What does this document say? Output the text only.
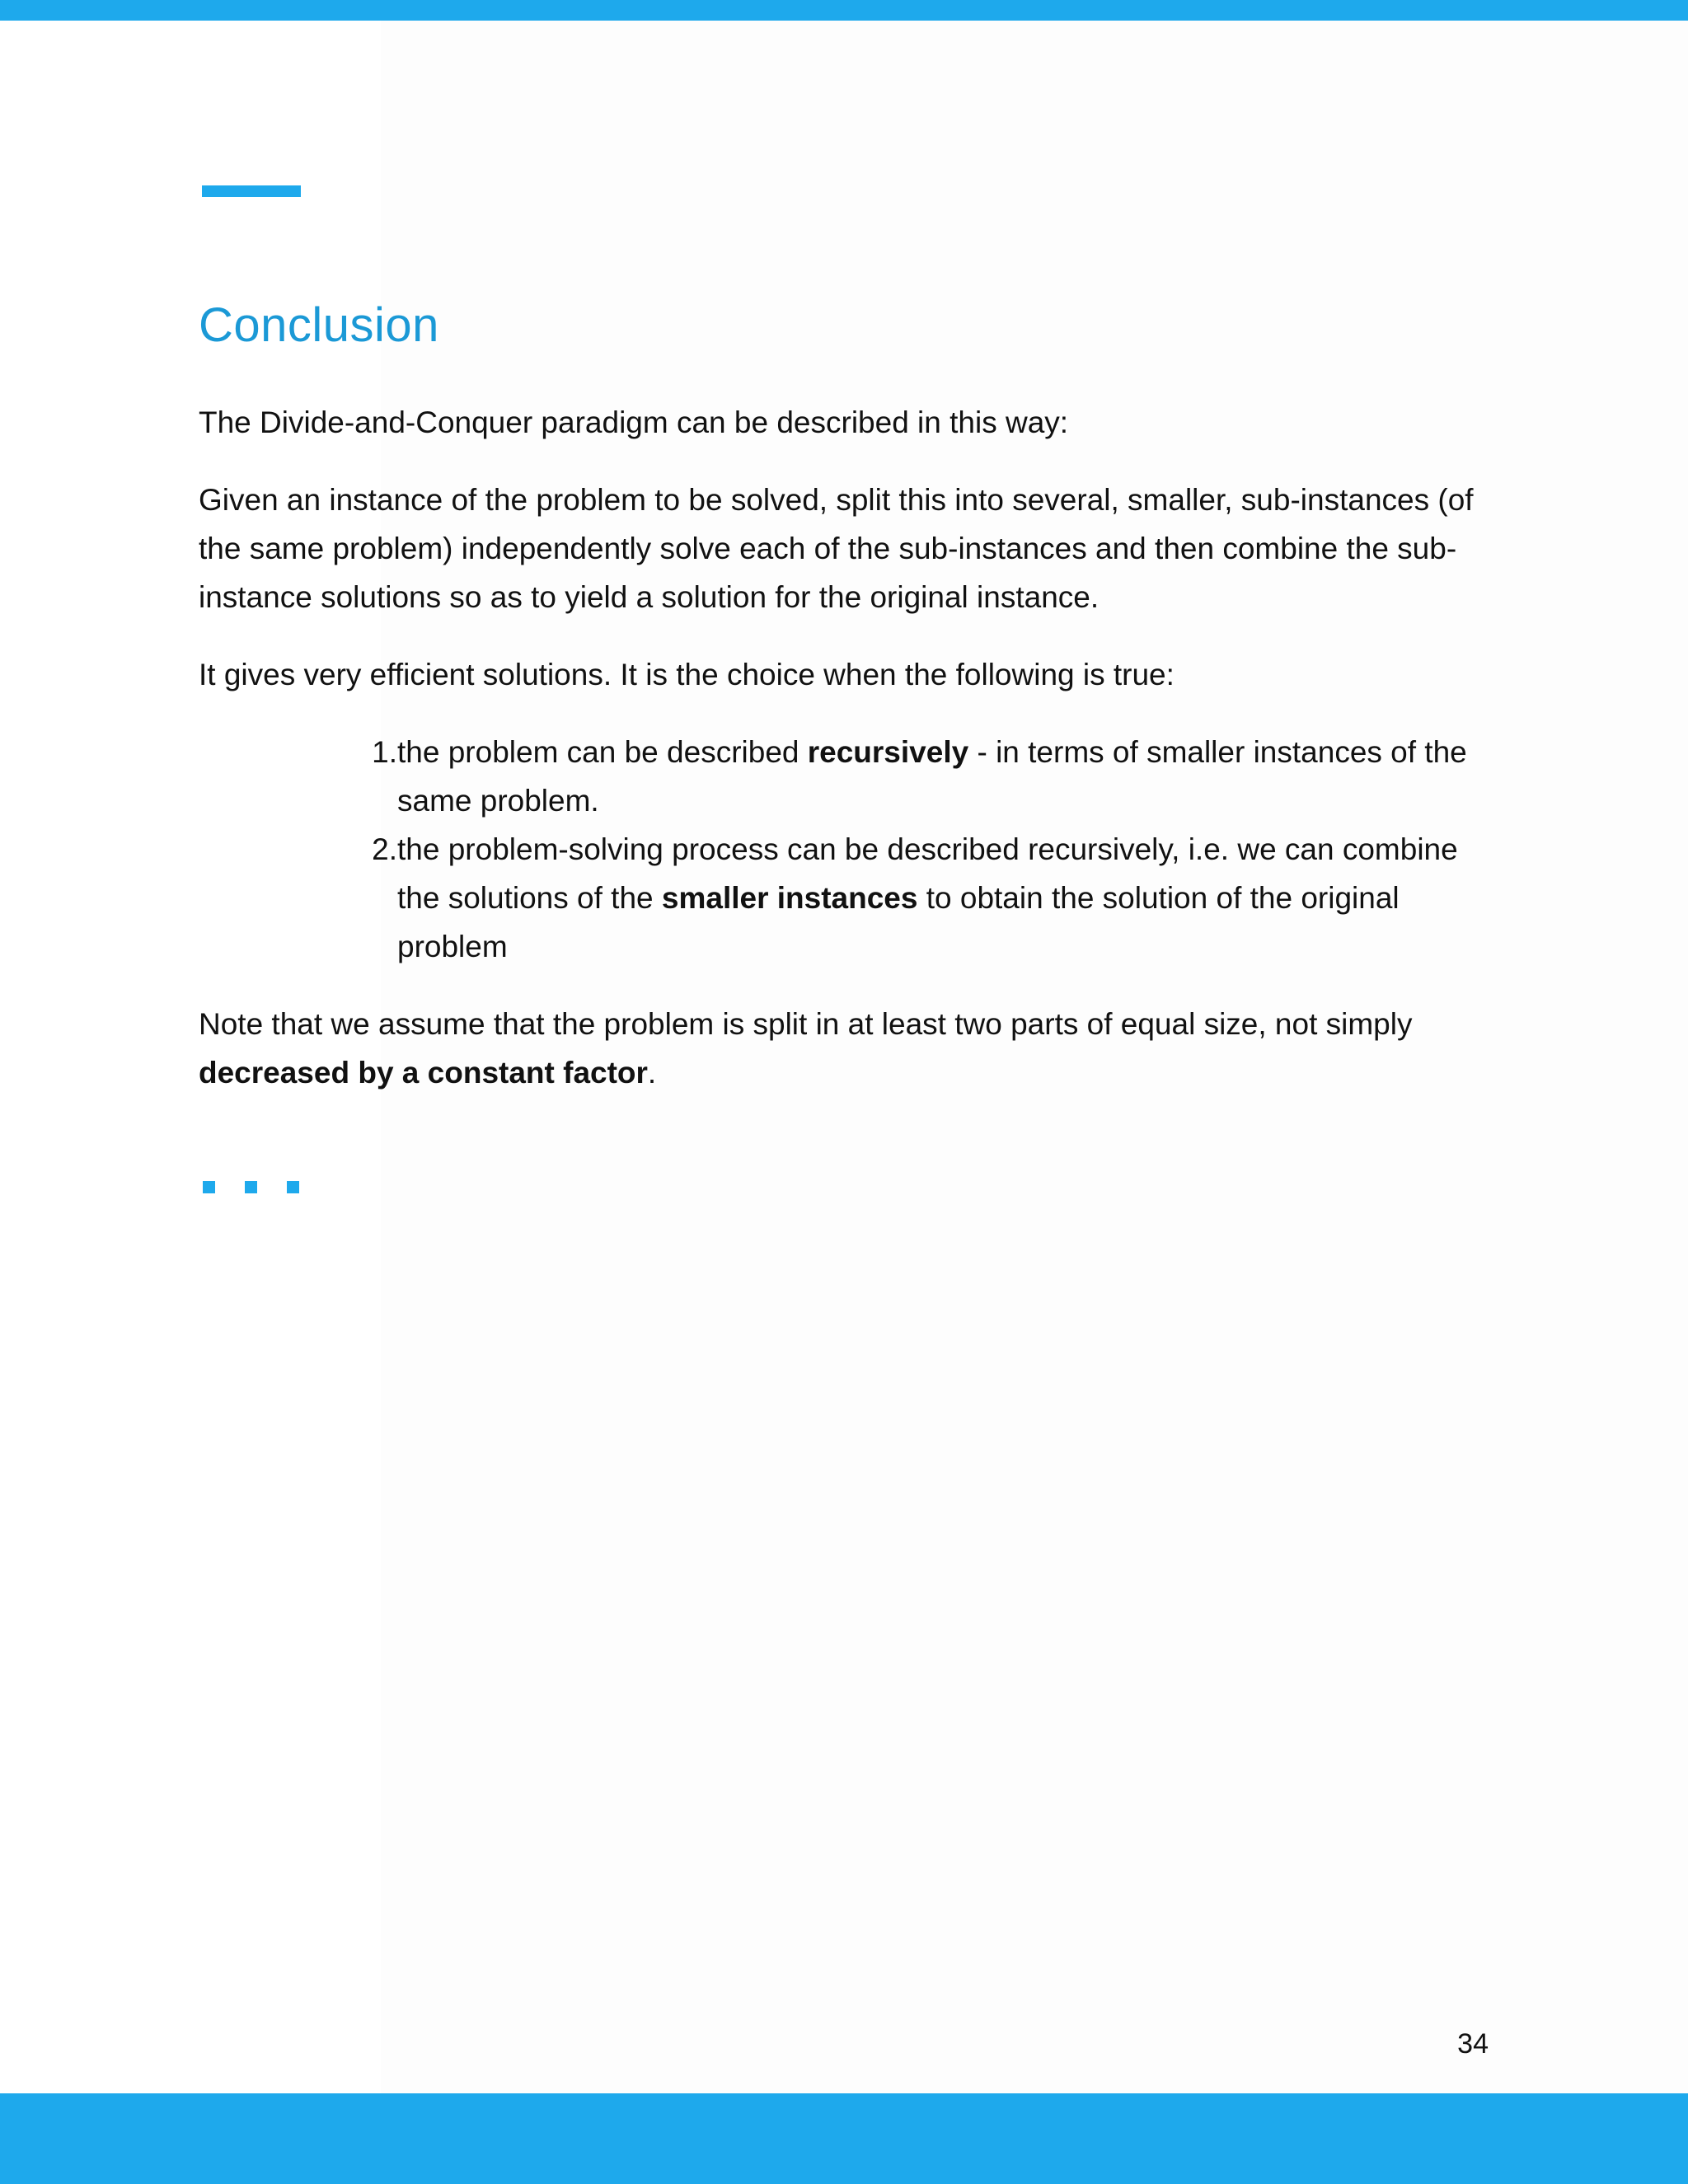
Conclusion

The Divide-and-Conquer paradigm can be described in this way:

Given an instance of the problem to be solved, split this into several, smaller, sub-instances (of the same problem) independently solve each of the sub-instances and then combine the sub-instance solutions so as to yield a solution for the original instance.

It gives very efficient solutions. It is the choice when the following is true:

1. the problem can be described recursively - in terms of smaller instances of the same problem.
2. the problem-solving process can be described recursively, i.e. we can combine the solutions of the smaller instances to obtain the solution of the original problem

Note that we assume that the problem is split in at least two parts of equal size, not simply decreased by a constant factor.

34
